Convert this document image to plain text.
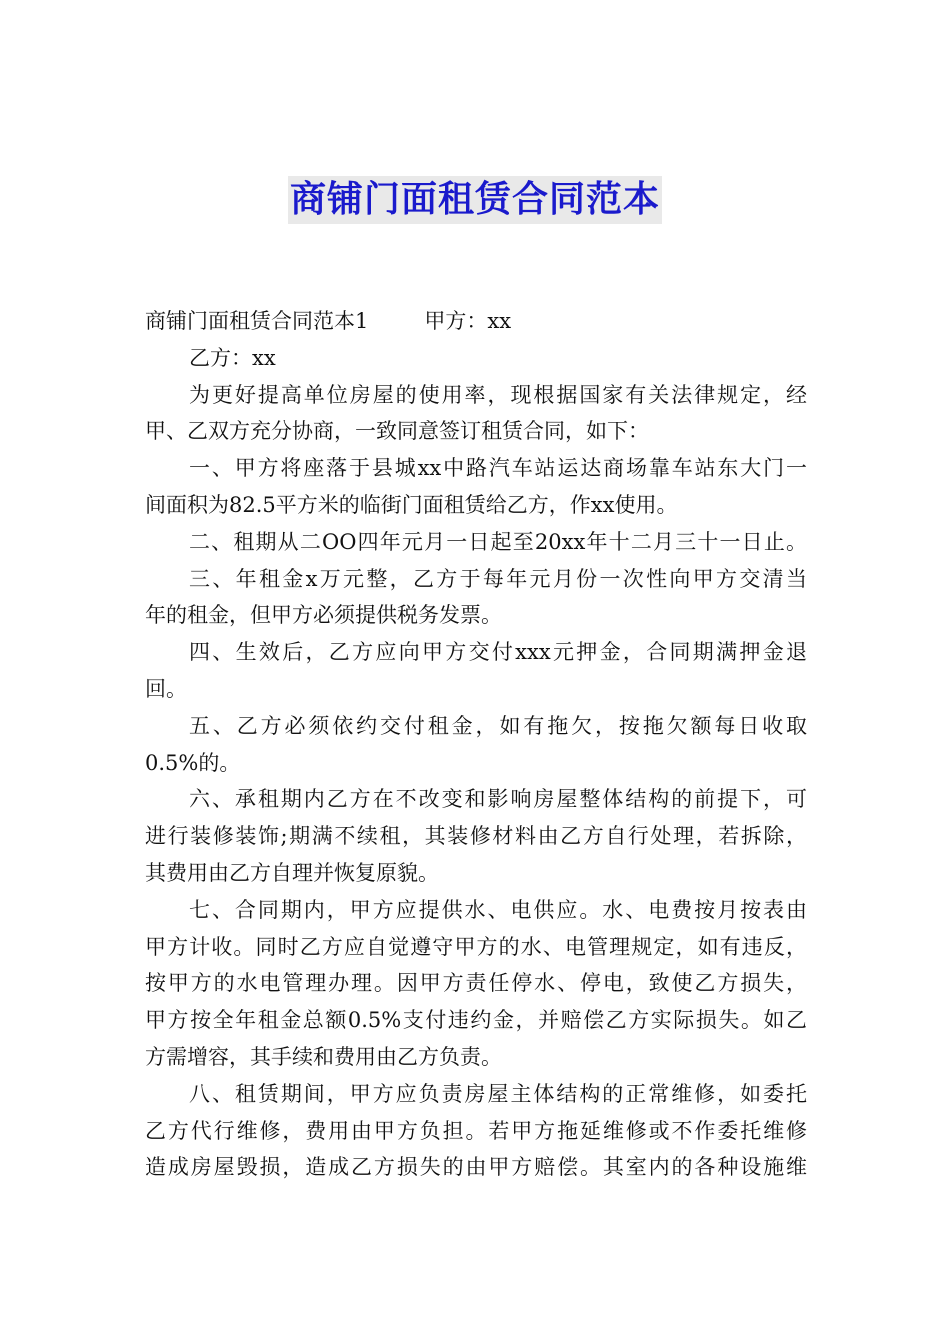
商铺门面租赁合同范本
商铺门面租赁合同范本1	甲方：xx
乙方：xx
为更好提高单位房屋的使用率，现根据国家有关法律规定，经
甲、乙双方充分协商，一致同意签订租赁合同，如下：
一、甲方将座落于县城xx中路汽车站运达商场靠车站东大门一
间面积为82.5平方米的临街门面租赁给乙方，作xx使用。
二、租期从二OO四年元月一日起至20xx年十二月三十一日止。
三、年租金x万元整，乙方于每年元月份一次性向甲方交清当
年的租金，但甲方必须提供税务发票。
四、生效后，乙方应向甲方交付xxx元押金，合同期满押金退
回。
五、乙方必须依约交付租金，如有拖欠，按拖欠额每日收取
0.5%的。
六、承租期内乙方在不改变和影响房屋整体结构的前提下，可
进行装修装饰;期满不续租，其装修材料由乙方自行处理，若拆除，
其费用由乙方自理并恢复原貌。
七、合同期内，甲方应提供水、电供应。水、电费按月按表由
甲方计收。同时乙方应自觉遵守甲方的水、电管理规定，如有违反，
按甲方的水电管理办理。因甲方责任停水、停电，致使乙方损失，
甲方按全年租金总额0.5%支付违约金，并赔偿乙方实际损失。如乙
方需增容，其手续和费用由乙方负责。
八、租赁期间，甲方应负责房屋主体结构的正常维修，如委托
乙方代行维修，费用由甲方负担。若甲方拖延维修或不作委托维修
造成房屋毁损，造成乙方损失的由甲方赔偿。其室内的各种设施维
